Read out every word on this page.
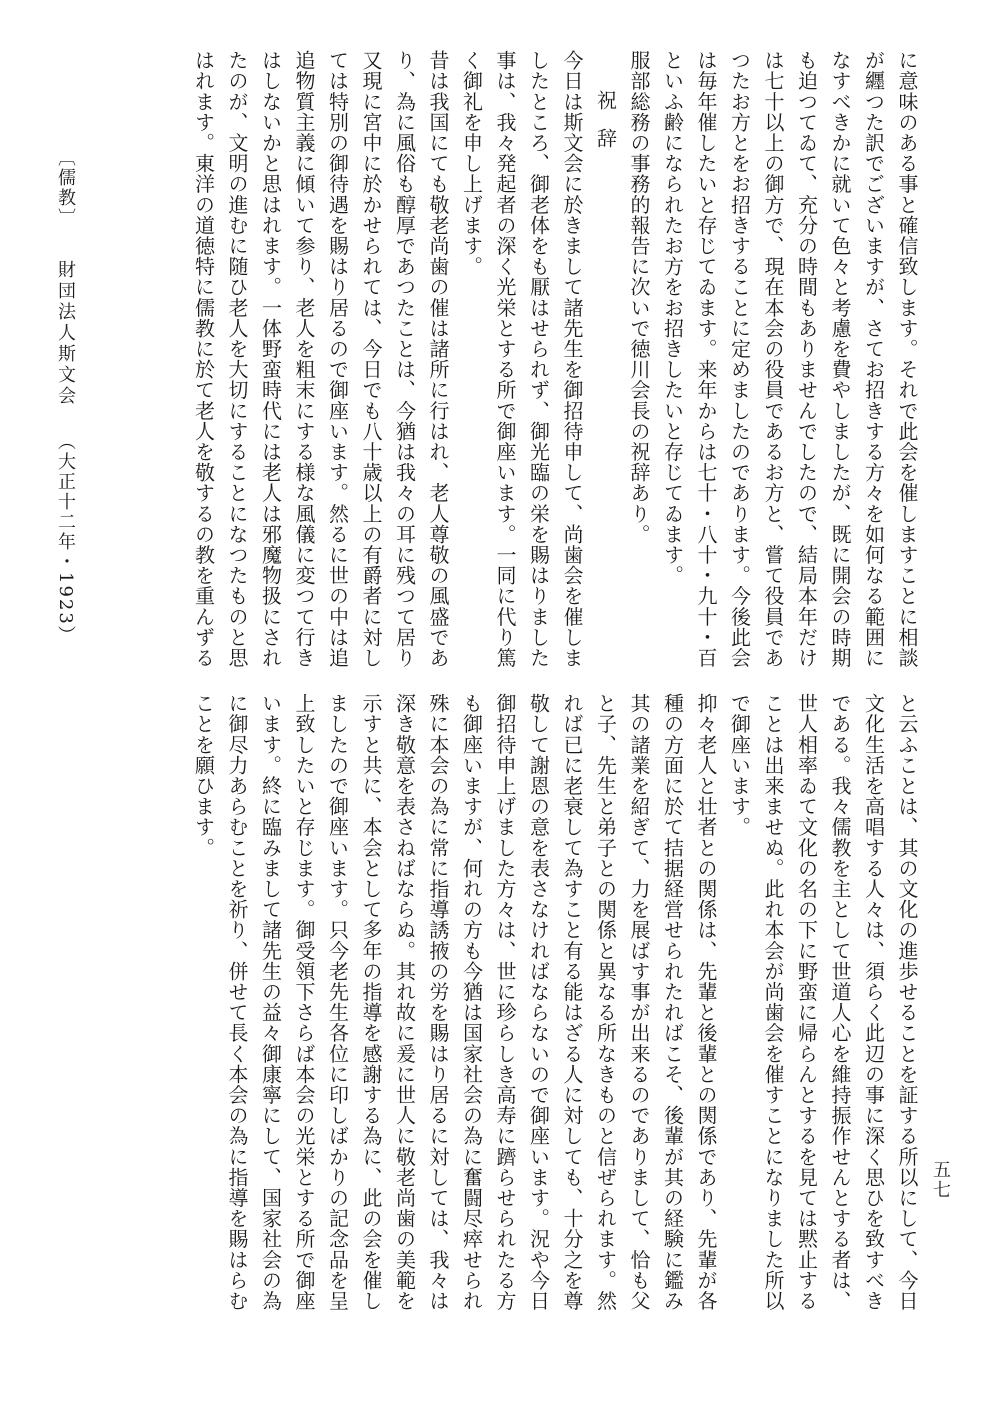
に意味のある事と確信致します。それで此会を催しますことに相談

が纒つた訳でございますが、さてお招きする方々を如何なる範囲に

なすべきかに就いて色々と考慮を費やしましたが、既に開会の時期

も迫つてゐて、充分の時間もありませんでしたので、結局本年だけ

は七十以上の御方で、現在本会の役員であるお方と、嘗て役員であ

つたお方とをお招きすることに定めましたのであります。今後此会

は毎年催したいと存じてゐます。来年からは七十・八十・九十・百

といふ齢になられたお方をお招きしたいと存じてゐます。

服部総務の事務的報告に次いで徳川会長の祝辞あり。

祝辞

今日は斯文会に於きまして諸先生を御招待申して、尚歯会を催しま

したところ、御老体をも厭はせられず、御光臨の栄を賜はりました

事は、我々発起者の深く光栄とする所で御座います。一同に代り篤

く御礼を申し上げます。

昔は我国にても敬老尚歯の催は諸所に行はれ、老人尊敬の風盛であ

り、為に風俗も醇厚であつたことは、今猶は我々の耳に残つて居り

又現に宮中に於かせられては、今日でも八十歳以上の有爵者に対し

ては特別の御待遇を賜はり居るので御座います。然るに世の中は追

追物質主義に傾いて参り、老人を粗末にする様な風儀に変つて行き

はしないかと思はれます。一体野蛮時代には老人は邪魔物扱にされ

たのが、文明の進むに随ひ老人を大切にすることになつたものと思

はれます。東洋の道徳特に儒教に於て老人を敬するの教を重んずる

と云ふことは、其の文化の進歩せることを証する所以にして、今日

文化生活を高唱する人々は、須らく此辺の事に深く思ひを致すべき

である。我々儒教を主として世道人心を維持振作せんとする者は、

世人相率ゐて文化の名の下に野蛮に帰らんとするを見ては黙止する

ことは出来ませぬ。此れ本会が尚歯会を催すことになりました所以

で御座います。

抑々老人と壮者との関係は、先輩と後輩との関係であり、先輩が各

種の方面に於て拮据経営せられたればこそ、後輩が其の経験に鑑み

其の諸業を紹ぎて、力を展ばす事が出来るのでありまして、恰も父

と子、先生と弟子との関係と異なる所なきものと信ぜられます。然

れば已に老衰して為すこと有る能はざる人に対しても、十分之を尊

敬して謝恩の意を表さなければならないので御座います。況や今日

御招待申上げました方々は、世に珍らしき高寿に躋らせられたる方

も御座いますが、何れの方も今猶は国家社会の為に奮闘尽瘁せられ

殊に本会の為に常に指導誘掖の労を賜はり居るに対しては、我々は

深き敬意を表さねばならぬ。其れ故に爰に世人に敬老尚歯の美範を

示すと共に、本会として多年の指導を感謝する為に、此の会を催し

ましたので御座います。只今老先生各位に印しばかりの記念品を呈

上致したいと存じます。御受領下さらば本会の光栄とする所で御座

います。終に臨みまして諸先生の益々御康寧にして、国家社会の為

に御尽力あらむことを祈り、併せて長く本会の為に指導を賜はらむ

ことを願ひます。

〔儒教〕 財団法人斯文会 （大正十二年・1923）
五七
